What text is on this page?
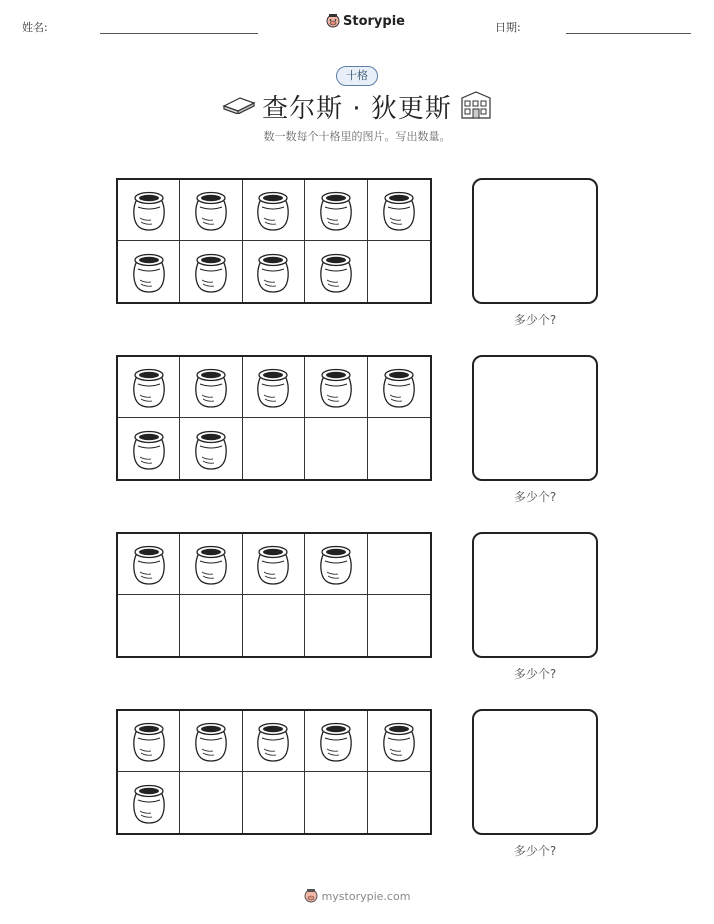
姓名:	Storypie	日期:
十格
查尔斯 · 狄更斯
数一数每个十格里的图片。写出数量。
多少个?
多少个?
多少个?
多少个?
mystorypie.com
